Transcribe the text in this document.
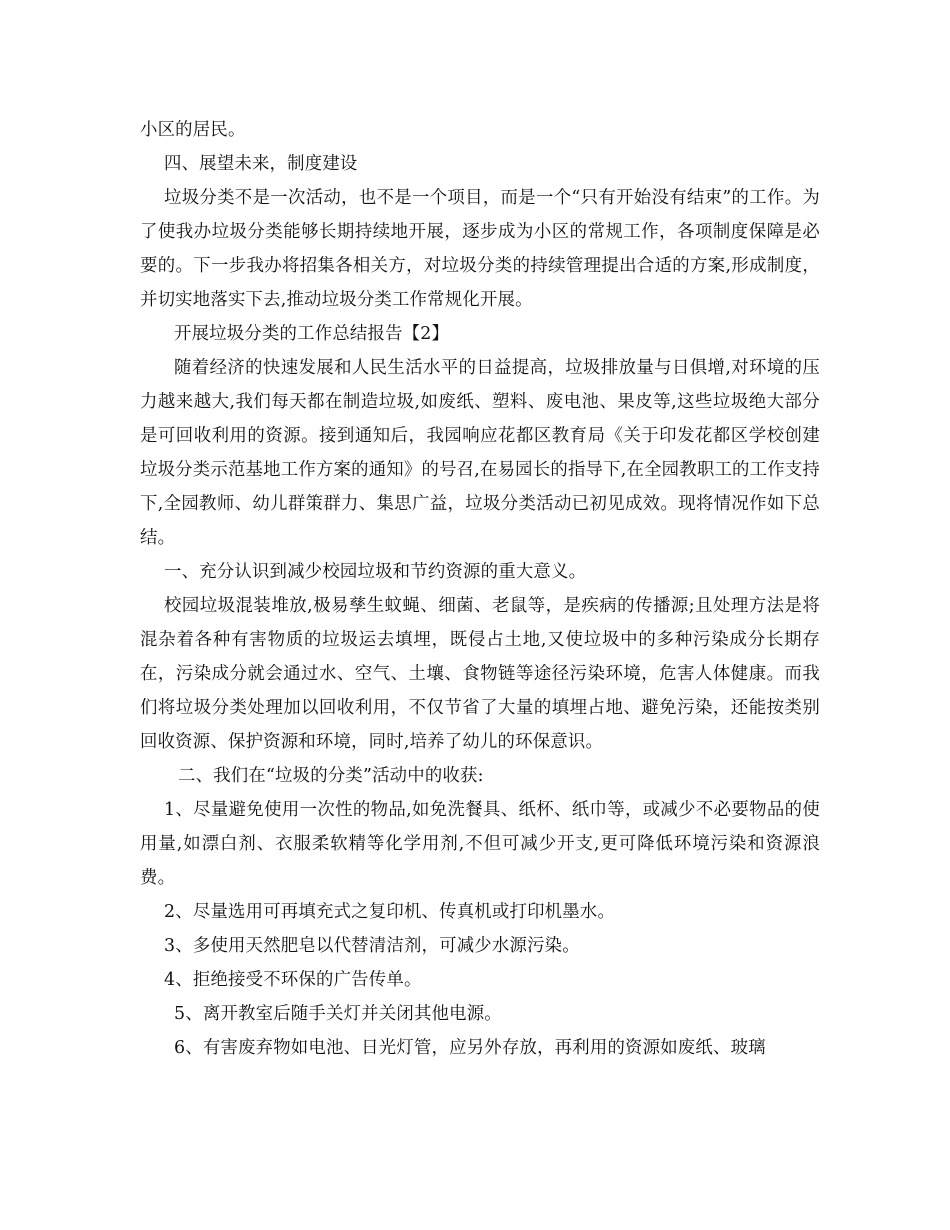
小区的居民。

四、展望未来，制度建设

垃圾分类不是一次活动，也不是一个项目，而是一个“只有开始没有结束”的工作。为了使我办垃圾分类能够长期持续地开展，逐步成为小区的常规工作，各项制度保障是必要的。下一步我办将招集各相关方，对垃圾分类的持续管理提出合适的方案,形成制度，并切实地落实下去,推动垃圾分类工作常规化开展。

开展垃圾分类的工作总结报告【2】

随着经济的快速发展和人民生活水平的日益提高，垃圾排放量与日俱增,对环境的压力越来越大,我们每天都在制造垃圾,如废纸、塑料、废电池、果皮等,这些垃圾绝大部分是可回收利用的资源。接到通知后，我园响应花都区教育局《关于印发花都区学校创建垃圾分类示范基地工作方案的通知》的号召,在易园长的指导下,在全园教职工的工作支持下,全园教师、幼儿群策群力、集思广益，垃圾分类活动已初见成效。现将情况作如下总结。

一、充分认识到减少校园垃圾和节约资源的重大意义。

校园垃圾混装堆放,极易孳生蚊蝇、细菌、老鼠等，是疾病的传播源;且处理方法是将混杂着各种有害物质的垃圾运去填埋，既侵占土地,又使垃圾中的多种污染成分长期存在，污染成分就会通过水、空气、土壤、食物链等途径污染环境，危害人体健康。而我们将垃圾分类处理加以回收利用，不仅节省了大量的填埋占地、避免污染，还能按类别回收资源、保护资源和环境，同时,培养了幼儿的环保意识。

二、我们在“垃圾的分类”活动中的收获:

1、尽量避免使用一次性的物品,如免洗餐具、纸杯、纸巾等，或减少不必要物品的使用量,如漂白剂、衣服柔软精等化学用剂,不但可减少开支,更可降低环境污染和资源浪费。

2、尽量选用可再填充式之复印机、传真机或打印机墨水。

3、多使用天然肥皂以代替清洁剂，可减少水源污染。

4、拒绝接受不环保的广告传单。

5、离开教室后随手关灯并关闭其他电源。

6、有害废弃物如电池、日光灯管，应另外存放，再利用的资源如废纸、玻璃
